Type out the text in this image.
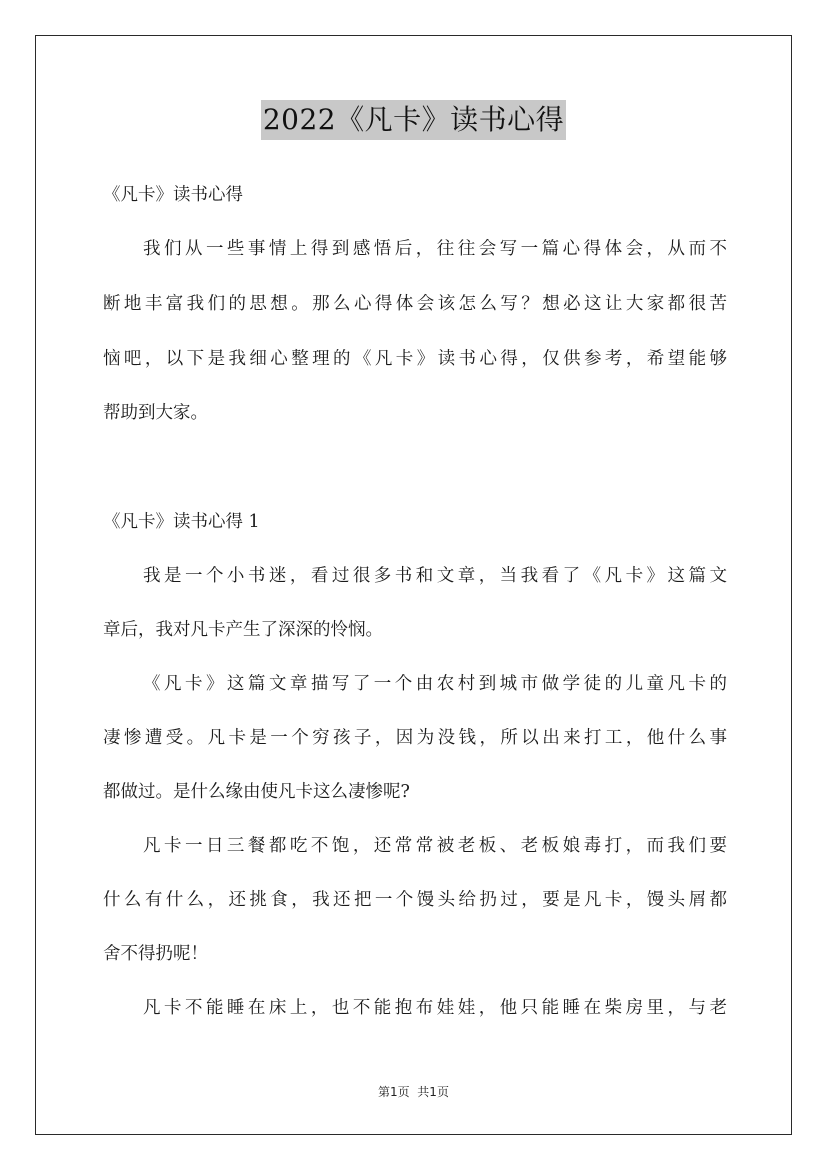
2022《凡卡》读书心得
《凡卡》读书心得
我们从一些事情上得到感悟后，往往会写一篇心得体会，从而不
断地丰富我们的思想。那么心得体会该怎么写？想必这让大家都很苦
恼吧，以下是我细心整理的《凡卡》读书心得，仅供参考，希望能够
帮助到大家。
《凡卡》读书心得 1
我是一个小书迷，看过很多书和文章，当我看了《凡卡》这篇文
章后，我对凡卡产生了深深的怜悯。
《凡卡》这篇文章描写了一个由农村到城市做学徒的儿童凡卡的
凄惨遭受。凡卡是一个穷孩子，因为没钱，所以出来打工，他什么事
都做过。是什么缘由使凡卡这么凄惨呢?
凡卡一日三餐都吃不饱，还常常被老板、老板娘毒打，而我们要
什么有什么，还挑食，我还把一个馒头给扔过，要是凡卡，馒头屑都
舍不得扔呢！
凡卡不能睡在床上，也不能抱布娃娃，他只能睡在柴房里，与老
第1页  共1页
